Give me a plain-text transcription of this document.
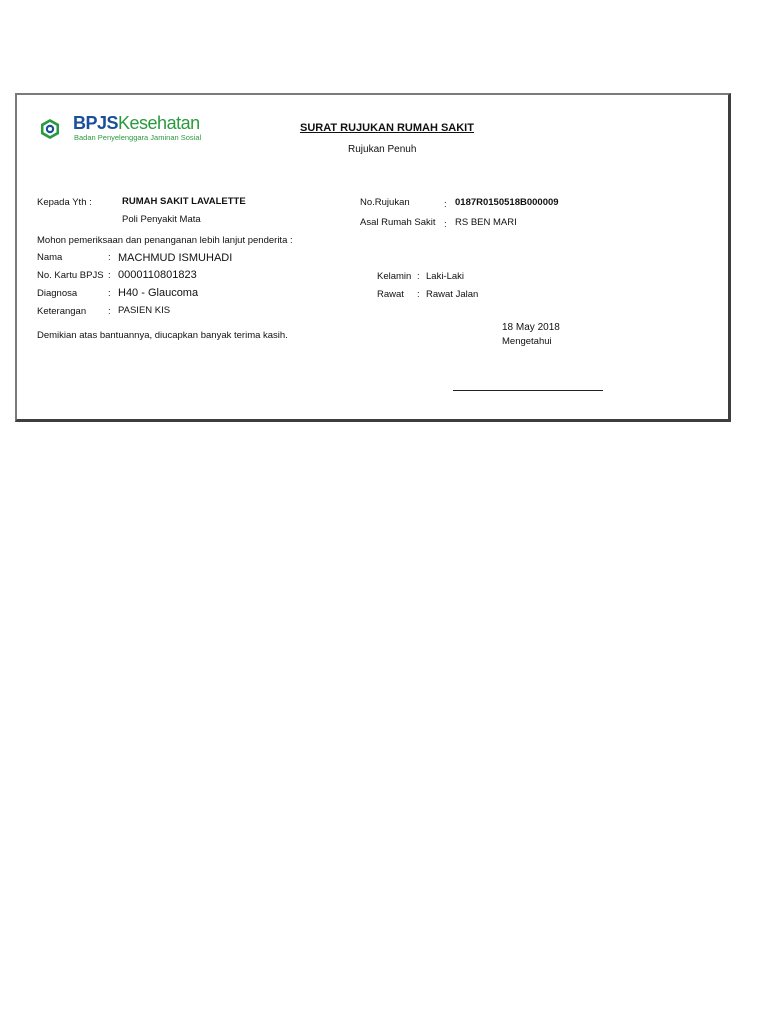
BPJSKesehatan
Badan Penyelenggara Jaminan Sosial
SURAT RUJUKAN RUMAH SAKIT
Rujukan Penuh
Kepada Yth :	RUMAH SAKIT LAVALETTE
Poli Penyakit Mata
No.Rujukan	: 0187R0150518B000009
Asal Rumah Sakit : RS BEN MARI
Mohon pemeriksaan dan penanganan lebih lanjut penderita :
Nama	: MACHMUD ISMUHADI
No. Kartu BPJS : 0000110801823
Diagnosa	: H40 - Glaucoma
Keterangan : PASIEN KIS
Kelamin : Laki-Laki
Rawat : Rawat Jalan
Demikian atas bantuannya, diucapkan banyak terima kasih.
18 May 2018
Mengetahui
